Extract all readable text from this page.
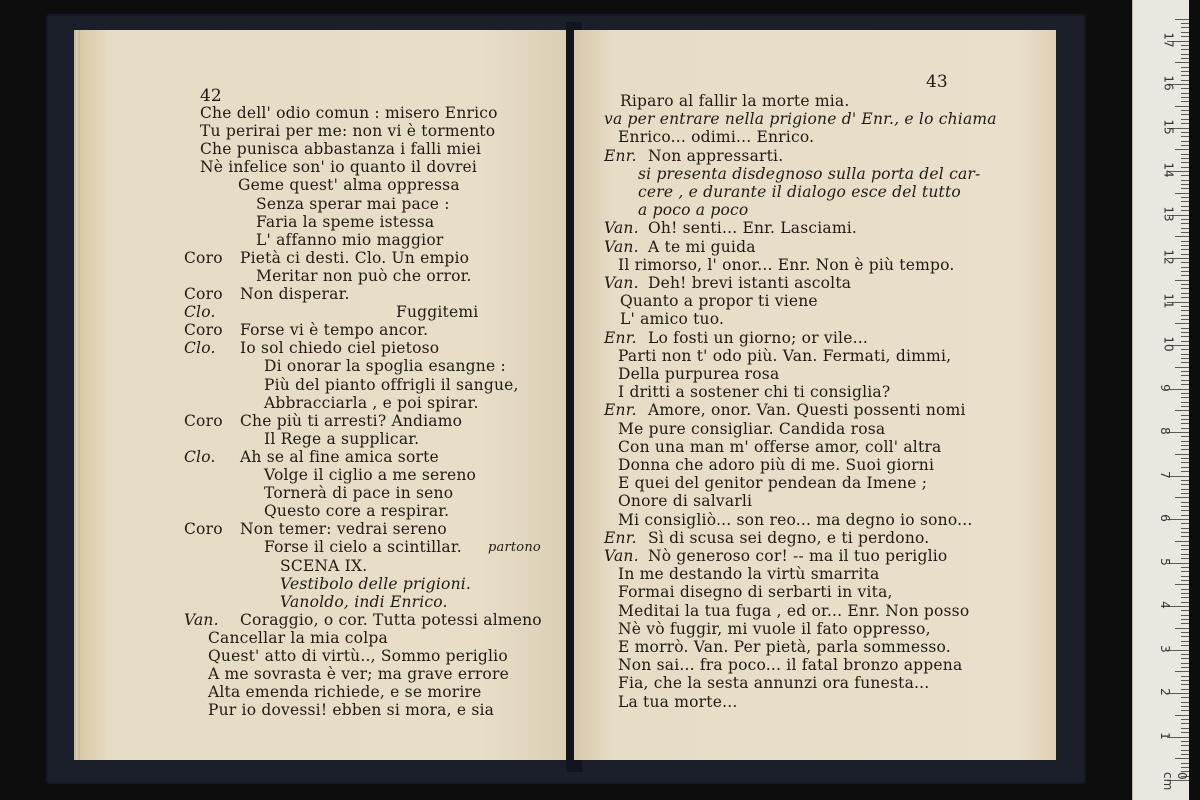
42
Che dell' odio comun : misero Enrico
Tu perirai per me: non vi è tormento
Che punisca abbastanza i falli miei
Nè infelice son' io quanto il dovrei
Geme quest' alma oppressa
Senza sperar mai pace :
Faria la speme istessa
L' affanno mio maggior
Coro Pietà ci desti. Clo. Un empio
Meritar non può che orror.
Coro Non disperar.
Clo.	Fuggitemi
Coro Forse vi è tempo ancor.
Clo. Io sol chiedo ciel pietoso
Di onorar la spoglia esangne :
Più del pianto offrigli il sangue,
Abbracciarla , e poi spirar.
Coro Che più ti arresti? Andiamo
Il Rege a supplicar.
Clo. Ah se al fine amica sorte
Volge il ciglio a me sereno
Tornerà di pace in seno
Questo core a respirar.
Coro Non temer: vedrai sereno
Forse il cielo a scintillar.
SCENA IX.
Vestibolo delle prigioni.
Vanoldo, indi Enrico.
Van. Coraggio, o cor. Tutta potessi almeno
Cancellar la mia colpa
Quest' atto di virtù.., Sommo periglio
A me sovrasta è ver; ma grave errore
Alta emenda richiede, e se morire
Pur io dovessi! ebben si mora, e sia
partono
43
Riparo al fallir la morte mia.
va per entrare nella prigione d' Enr., e lo chiama
Enrico... odimi... Enrico.
Enr. Non appressarti.
si presenta disdegnoso sulla porta del car-
cere , e durante il dialogo esce del tutto
a poco a poco
Van. Oh! senti... Enr. Lasciami.
Van. A te mi guida
Il rimorso, l' onor... Enr. Non è più tempo.
Van. Deh! brevi istanti ascolta
Quanto a propor ti viene
L' amico tuo.
Enr. Lo fosti un giorno; or vile...
Parti non t' odo più. Van. Fermati, dimmi,
Della purpurea rosa
I dritti a sostener chi ti consiglia?
Enr. Amore, onor. Van. Questi possenti nomi
Me pure consigliar. Candida rosa
Con una man m' offerse amor, coll' altra
Donna che adoro più di me. Suoi giorni
E quei del genitor pendean da Imene ;
Onore di salvarli
Mi consigliò... son reo... ma degno io sono...
Enr. Sì di scusa sei degno, e ti perdono.
Van. Nò generoso cor! -- ma il tuo periglio
In me destando la virtù smarrita
Formai disegno di serbarti in vita,
Meditai la tua fuga , ed or... Enr. Non posso
Nè vò fuggir, mi vuole il fato oppresso,
E morrò. Van. Per pietà, parla sommesso.
Non sai... fra poco... il fatal bronzo appena
Fia, che la sesta annunzi ora funesta...
La tua morte...
17
16
15
14
13
12
11
10
9
8
7
6
5
4
3
2
1
0 cm
